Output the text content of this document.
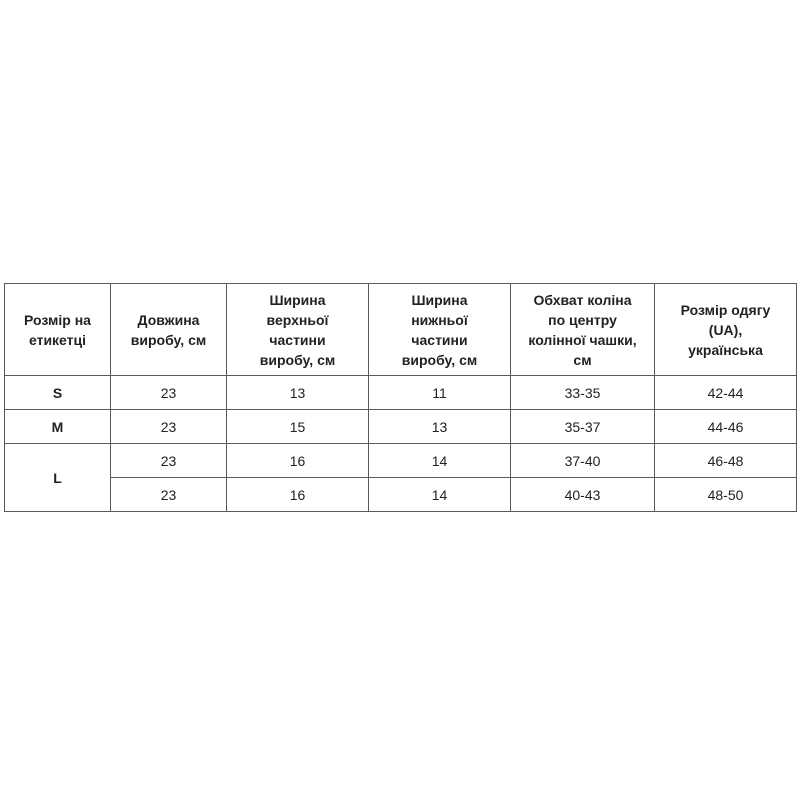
Розмір на
етикетці	Довжина
виробу, см	Ширина
верхньої
частини
виробу, см	Ширина
нижньої
частини
виробу, см	Обхват коліна
по центру
колінної чашки,
см	Розмір одягу
(UA),
українська
S	23	13	11	33-35	42-44
M	23	15	13	35-37	44-46
L	23	16	14	37-40	46-48
	23	16	14	40-43	48-50
